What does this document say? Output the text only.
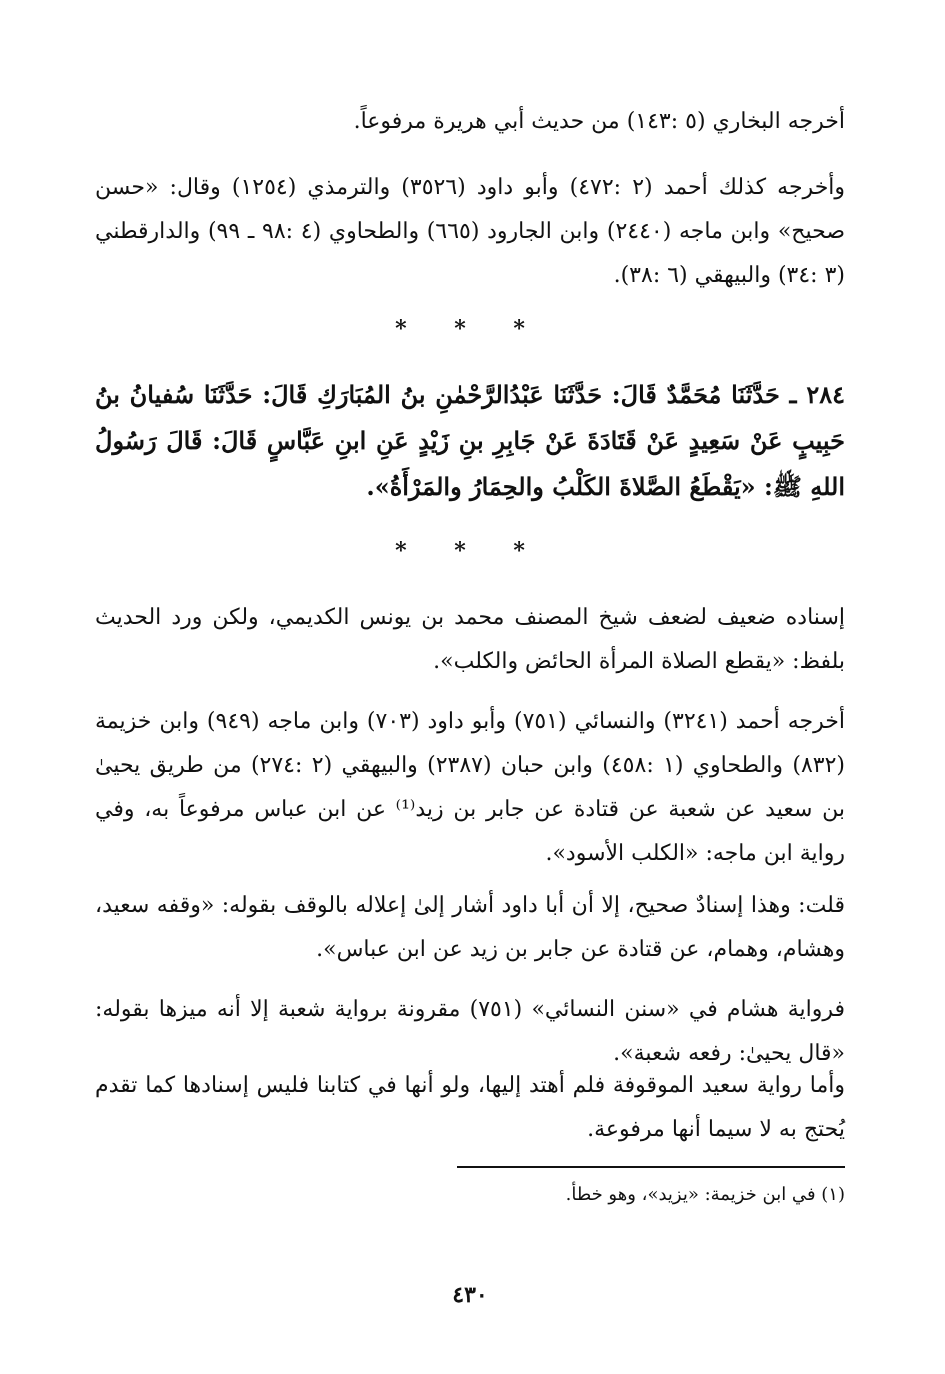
أخرجه البخاري (٥ :١٤٣) من حديث أبي هريرة مرفوعاً.

وأخرجه كذلك أحمد (٢ :٤٧٢) وأبو داود (٣٥٢٦) والترمذي (١٢٥٤) وقال: «حسن صحيح» وابن ماجه (٢٤٤٠) وابن الجارود (٦٦٥) والطحاوي (٤ :٩٨ ـ ٩٩) والدارقطني (٣ :٣٤) والبيهقي (٦ :٣٨).

* * *

٢٨٤ ـ حَدَّثَنَا مُحَمَّدٌ قَالَ: حَدَّثَنَا عَبْدُالرَّحْمٰنِ بنُ المُبَارَكِ قَالَ: حَدَّثَنَا سُفيانُ بنُ حَبِيبٍ عَنْ سَعِيدٍ عَنْ قَتَادَةَ عَنْ جَابِرِ بنِ زَيْدٍ عَنِ ابنِ عَبَّاسٍ قَالَ: قَالَ رَسُولُ اللهِ ﷺ: «يَقْطَعُ الصَّلاةَ الكَلْبُ والحِمَارُ والمَرْأَةُ».

* * *

إسناده ضعيف لضعف شيخ المصنف محمد بن يونس الكديمي، ولكن ورد الحديث بلفظ: «يقطع الصلاة المرأة الحائض والكلب».

أخرجه أحمد (٣٢٤١) والنسائي (٧٥١) وأبو داود (٧٠٣) وابن ماجه (٩٤٩) وابن خزيمة (٨٣٢) والطحاوي (١ :٤٥٨) وابن حبان (٢٣٨٧) والبيهقي (٢ :٢٧٤) من طريق يحيىٰ بن سعيد عن شعبة عن قتادة عن جابر بن زيد⁽¹⁾ عن ابن عباس مرفوعاً به، وفي رواية ابن ماجه: «الكلب الأسود».

قلت: وهذا إسنادٌ صحيح، إلا أن أبا داود أشار إلىٰ إعلاله بالوقف بقوله: «وقفه سعيد، وهشام، وهمام، عن قتادة عن جابر بن زيد عن ابن عباس».

فرواية هشام في «سنن النسائي» (٧٥١) مقرونة برواية شعبة إلا أنه ميزها بقوله: «قال يحيىٰ: رفعه شعبة».

وأما رواية سعيد الموقوفة فلم أهتد إليها، ولو أنها في كتابنا فليس إسنادها كما تقدم يُحتج به لا سيما أنها مرفوعة.

(١) في ابن خزيمة: «يزيد»، وهو خطأ.
٤٣٠
